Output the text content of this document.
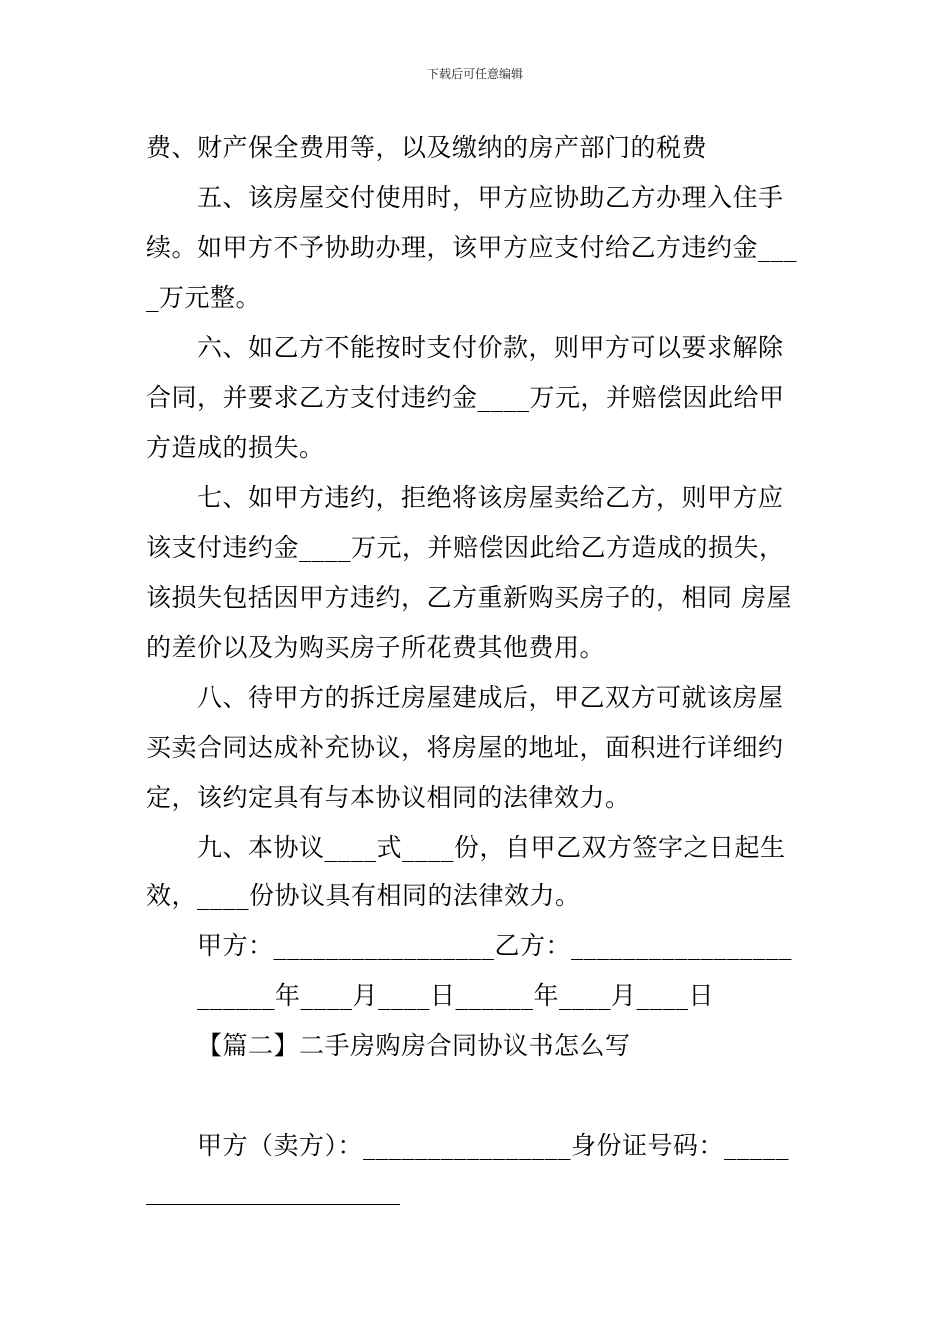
下载后可任意编辑
费、财产保全费用等，以及缴纳的房产部门的税费
五、该房屋交付使用时，甲方应协助乙方办理入住手
续。如甲方不予协助办理，该甲方应支付给乙方违约金___
_万元整。
六、如乙方不能按时支付价款，则甲方可以要求解除
合同，并要求乙方支付违约金____万元，并赔偿因此给甲
方造成的损失。
七、如甲方违约，拒绝将该房屋卖给乙方，则甲方应
该支付违约金____万元，并赔偿因此给乙方造成的损失，
该损失包括因甲方违约，乙方重新购买房子的，相同 房屋
的差价以及为购买房子所花费其他费用。
八、待甲方的拆迁房屋建成后，甲乙双方可就该房屋
买卖合同达成补充协议，将房屋的地址，面积进行详细约
定，该约定具有与本协议相同的法律效力。
九、本协议____式____份，自甲乙双方签字之日起生
效，____份协议具有相同的法律效力。
甲方：_________________乙方：_________________
______年____月____日______年____月____日
【篇二】二手房购房合同协议书怎么写
甲方（卖方）：________________身份证号码：_____
